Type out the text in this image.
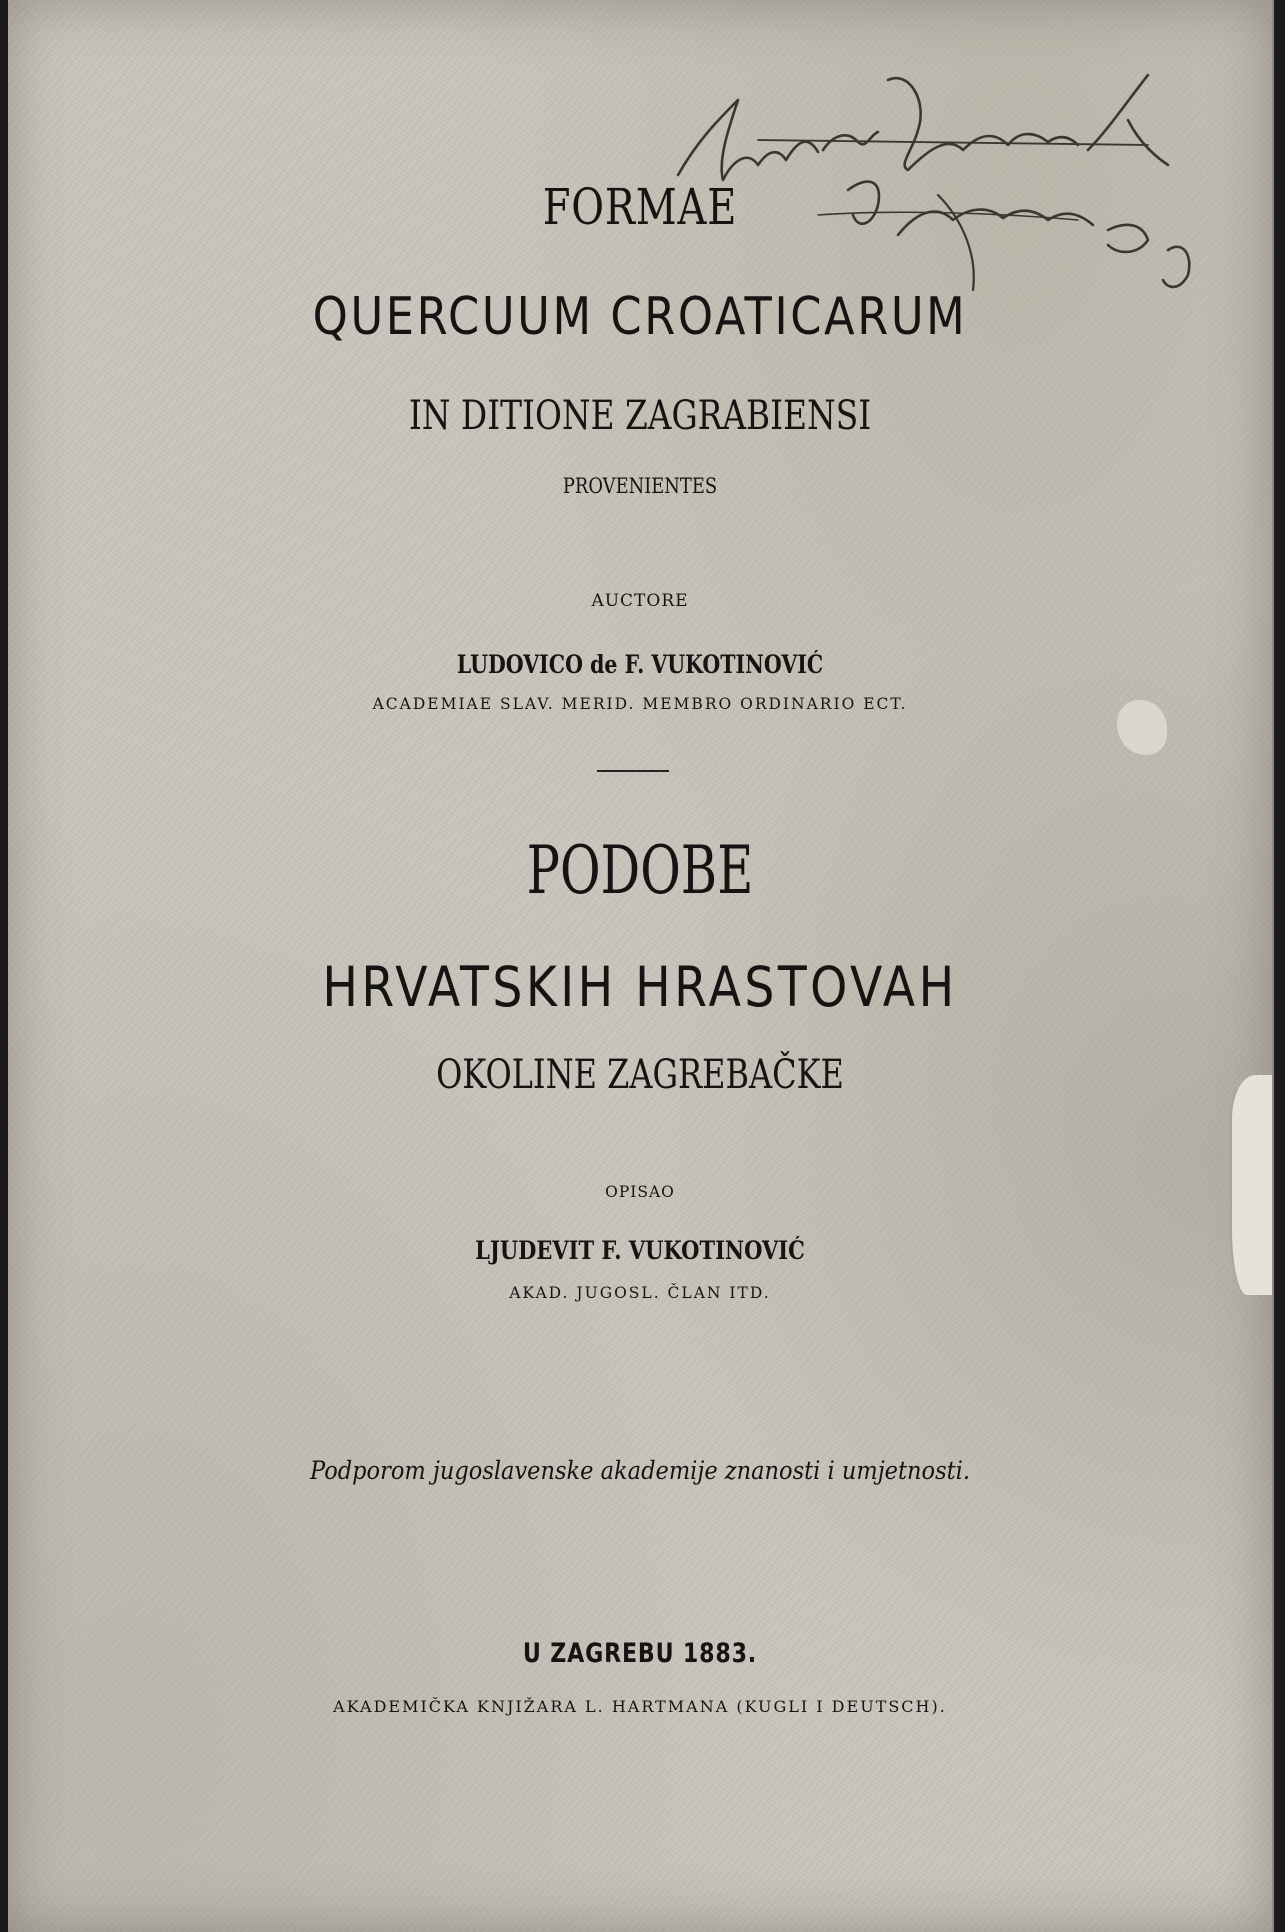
FORMAE
QUERCUUM CROATICARUM
IN DITIONE ZAGRABIENSI
PROVENIENTES
AUCTORE
LUDOVICO de F. VUKOTINOVIĆ
ACADEMIAE SLAV. MERID. MEMBRO ORDINARIO ECT.
PODOBE
HRVATSKIH HRASTOVAH
OKOLINE ZAGREBAČKE
OPISAO
LJUDEVIT F. VUKOTINOVIĆ
AKAD. JUGOSL. ČLAN ITD.
Podporom jugoslavenske akademije znanosti i umjetnosti.
U ZAGREBU 1883.
AKADEMIČKA KNJIŽARA L. HARTMANA (KUGLI I DEUTSCH).
